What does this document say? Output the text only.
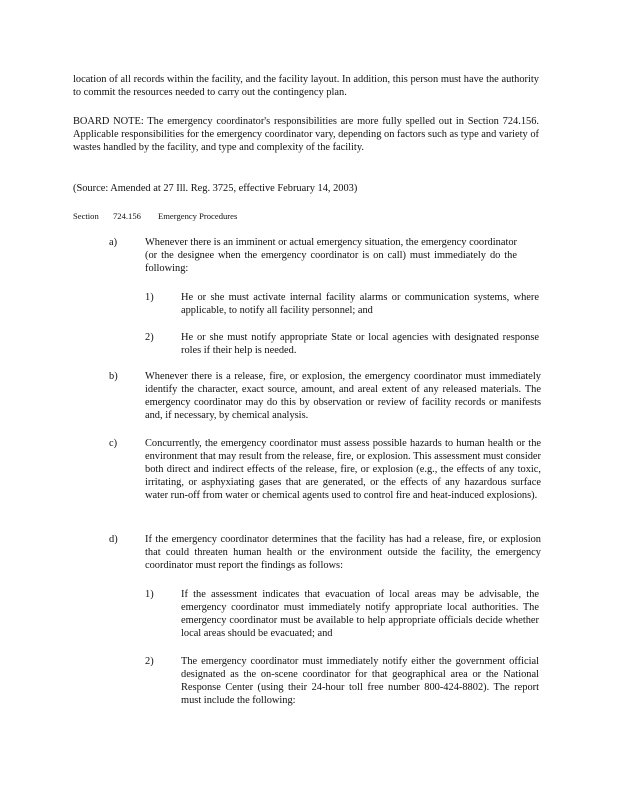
location of all records within the facility, and the facility layout. In addition, this person must have the authority to commit the resources needed to carry out the contingency plan.

BOARD NOTE: The emergency coordinator's responsibilities are more fully spelled out in Section 724.156. Applicable responsibilities for the emergency coordinator vary, depending on factors such as type and variety of wastes handled by the facility, and type and complexity of the facility.

(Source: Amended at 27 Ill. Reg. 3725, effective February 14, 2003)

Section 724.156 Emergency Procedures
a)	Whenever there is an imminent or actual emergency situation, the emergency coordinator (or the designee when the emergency coordinator is on call) must immediately do the following:

1)	He or she must activate internal facility alarms or communication systems, where applicable, to notify all facility personnel; and

2)	He or she must notify appropriate State or local agencies with designated response roles if their help is needed.

b)	Whenever there is a release, fire, or explosion, the emergency coordinator must immediately identify the character, exact source, amount, and areal extent of any released materials. The emergency coordinator may do this by observation or review of facility records or manifests and, if necessary, by chemical analysis.

c)	Concurrently, the emergency coordinator must assess possible hazards to human health or the environment that may result from the release, fire, or explosion. This assessment must consider both direct and indirect effects of the release, fire, or explosion (e.g., the effects of any toxic, irritating, or asphyxiating gases that are generated, or the effects of any hazardous surface water run-off from water or chemical agents used to control fire and heat-induced explosions).

d)	If the emergency coordinator determines that the facility has had a release, fire, or explosion that could threaten human health or the environment outside the facility, the emergency coordinator must report the findings as follows:

1)	If the assessment indicates that evacuation of local areas may be advisable, the emergency coordinator must immediately notify appropriate local authorities. The emergency coordinator must be available to help appropriate officials decide whether local areas should be evacuated; and

2)	The emergency coordinator must immediately notify either the government official designated as the on-scene coordinator for that geographical area or the National Response Center (using their 24-hour toll free number 800-424-8802). The report must include the following:
